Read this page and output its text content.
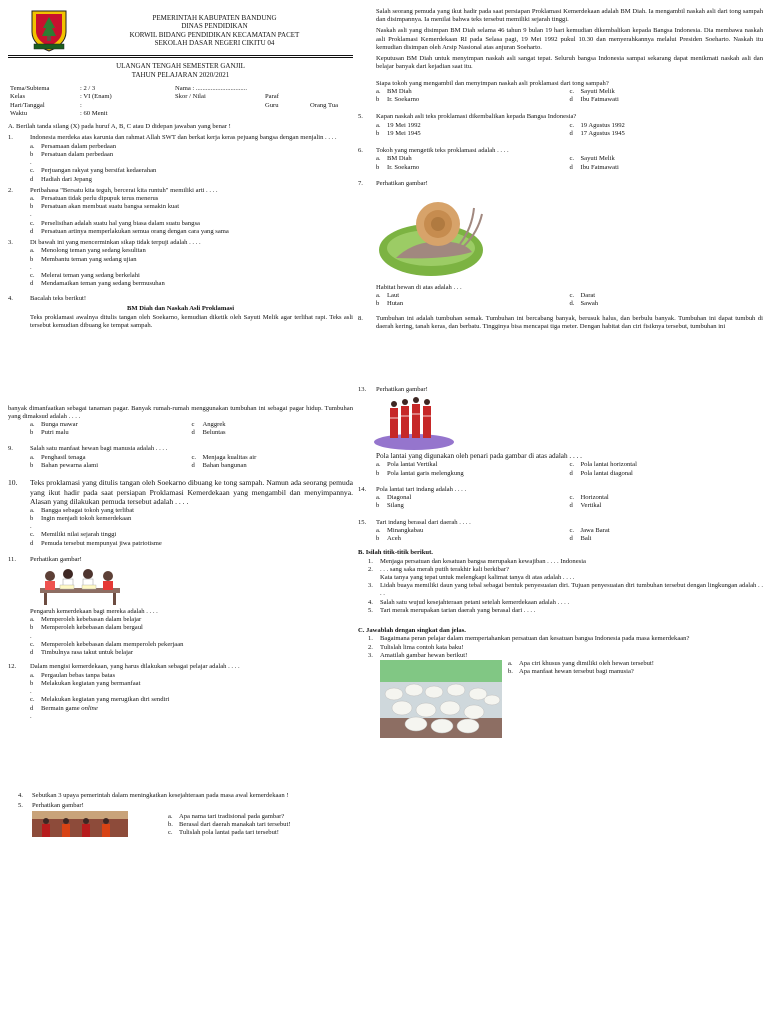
PEMERINTAH KABUPATEN BANDUNG
DINAS PENDIDIKAN
KORWIL BIDANG PENDIDIKAN KECAMATAN PACET
SEKOLAH DASAR NEGERI CIKITU 04
ULANGAN TENGAH SEMESTER GANJIL
TAHUN PELAJARAN 2020/2021
Tema/Subtema	: 2 / 3	Nama : ...............................		
Kelas	: VI (Enam)	Skor / Nilai	Paraf	
Hari/Tanggal	:		Guru	Orang Tua
Waktu	: 60 Menit			
A. Berilah tanda silang (X) pada huruf A, B, C atau D didepan jawaban yang benar !
1.	Indonesia merdeka atas karunia dan rahmat Allah SWT dan berkat kerja keras pejuang bangsa dengan menjalin . . . .
a. Persamaan dalam perbedaan
b	Persatuan dalam perbedaan
.
c. Perjuangan rakyat yang bersifat kedaerahan
d	Hadiah dari Jepang
2.	Peribahasa "Bersatu kita teguh, bercerai kita runtuh" memiliki arti . . . .
a. Persatuan tidak perlu dipupuk terus menerus
b	Persatuan akan membuat suatu bangsa semakin kuat
.
c. Perselisihan adalah suatu hal yang biasa dalam suatu bangsa
d	Persatuan artinya memperlakukan semua orang dengan cara yang sama
3.	Di bawah ini yang mencerminkan sikap tidak terpuji adalah . . . .
a. Menolong teman yang sedang kesulitan
b	Membantu teman yang sedang ujian
.
c. Melerai teman yang sedang berkelahi
d	Mendamaikan teman yang sedang bermusuhan
4.	Bacalah teks berikut!
BM Diah dan Naskah Asli Proklamasi
Teks proklamasi awalnya ditulis tangan oleh Soekarno, kemudian diketik oleh Sayuti Melik agar terlihat rapi. Teks asli tersebut kemudian dibuang ke tempat sampah.
banyak dimanfaatkan sebagai tanaman pagar. Banyak rumah-rumah menggunakan tumbuhan ini sebagai pagar hidup. Tumbuhan yang dimaksud adalah . . . .
a. Bunga mawar	c	Anggrek
b	Putri malu	d	Beluntas
9.	Salah satu manfaat hewan bagi manusia adalah . . . .
a. Penghasil tenaga	c. Menjaga kualitas air
b	Bahan pewarna alami	d	Bahan bangunan
10.	Teks proklamasi yang ditulis tangan oleh Soekarno dibuang ke tong sampah. Namun ada seorang pemuda yang ikut hadir pada saat persiapan Proklamasi Kemerdekaan yang mengambil dan menyimpannya. Alasan yang dilakukan pemuda tersebut adalah . . . .
a. Bangga sebagai tokoh yang terlibat
b	Ingin menjadi tokoh kemerdekaan
.
c. Memiliki nilai sejarah tinggi
d	Pemuda tersebut mempunyai jiwa patriotisme
11.	Perhatikan gambar!
Pengaruh kemerdekaan bagi mereka adalah . . . .
a. Memperoleh kebebasan dalam belajar
b	Memperoleh kebebasan dalam bergaul
.
c. Memperoleh kebebasan dalam memperoleh pekerjaan
d	Timbulnya rasa takut untuk belajar
12.	Dalam mengisi kemerdekaan, yang harus dilakukan sebagai pelajar adalah . . . .
a. Pergaulan bebas tanpa batas
b	Melakukan kegiatan yang bermanfaat
.
c. Melakukan kegiatan yang merugikan diri sendiri
d	Bermain game
online
.
4.	Sebutkan 3 upaya pemerintah dalam meningkatkan kesejahteraan pada masa awal kemerdekaan !
5.	Perhatikan gambar!
a. Apa nama tari tradisional pada gambar?
b. Berasal dari daerah manakah tari tersebut!
c. Tulislah pola lantai pada tari tersebut!
Salah seorang pemuda yang ikut hadir pada saat persiapan Proklamasi Kemerdekaan adalah BM Diah. Ia mengambil naskah asli dari tong sampah dan disimpannya. Ia menilai bahwa teks tersebut memiliki sejarah tinggi.
Naskah asli yang disimpan BM Diah selama 46 tahun 9 bulan 19 hari kemudian dikembalikan kepada Bangsa Indonesia. Dia membawa naskah asli Proklamasi Kemerdekaan RI pada Selasa pagi, 19 Mei 1992 pukul 10.30 dan menyerahkannya melalui Presiden Soeharto. Naskah itu kemudian disimpan oleh Arsip Nasional atas anjuran Soeharto.
Keputusan BM Diah untuk menyimpan naskah asli sangat tepat. Seluruh bangsa Indonesia sampai sekarang dapat menikmati naskah asli dan belajar banyak dari kejadian saat itu.
Siapa tokoh yang mengambil dan menyimpan naskah asli proklamasi dari tong sampah?
a. BM Diah	c. Sayuti Melik
b	Ir. Soekarno	d	Ibu Fatmawati
5.	Kapan naskah asli teks proklamasi dikembalikan kepada Bangsa Indonesia?
a. 19 Mei 1992	c. 19 Agustus 1992
b	19 Mei 1945	d	17 Agustus 1945
6.	Tokoh yang mengetik teks proklamasi adalah . . . .
a. BM Diah	c. Sayuti Melik
b	Ir. Soekarno	d	Ibu Fatmawati
7.	Perhatikan gambar!
Habitat hewan di atas adalah . . .
a. Laut	c. Darat
b	Hutan	d. Sawah
8.	Tumbuhan ini adalah tumbuhan semak. Tumbuhan ini bercabang banyak, berusuk halus, dan berbulu banyak. Tumbuhan ini dapat tumbuh di daerah kering, tanah keras, dan berbatu. Tingginya bisa mencapai tiga meter. Dengan habitat dan ciri fisiknya tersebut, tumbuhan ini
13.	Perhatikan gambar!
Pola lantai yang digunakan oleh penari pada gambar di atas adalah . . . .
a. Pola lantai Vertikal	c. Pola lantai horizontal
b	Pola lantai garis melengkung	d	Pola lantai diagonal
14.	Pola lantai tari indang adalah . . . .
a. Diagonal	c. Horizontal
b	Silang	d	Vertikal
15.	Tari indang berasal dari daerah . . . .
a. Minangkabau	c. Jawa Barat
b	Aceh	d	Bali
B. Isilah titik-titik berikut.
1.	Menjaga persatuan dan kesatuan bangsa merupakan kewajiban . . . . Indonesia
2.	. . . sang saka merah putih terakhir kali berkibar?
Kata tanya yang tepat untuk melengkapi kalimat tanya di atas adalah . . . .
3.	Lidah buaya memiliki daun yang tebal sebagai bentuk penyesuaian diri. Tujuan penyesuaian diri tumbuhan tersebut dengan lingkungan adalah . . . .
4.	Salah satu wujud kesejahteraan petani setelah kemerdekaan adalah . . . .
5.	Tari merak merupakan tarian daerah yang berasal dari . . . .
C. Jawablah dengan singkat dan jelas.
1.	Bagaimana peran pelajar dalam mempertahankan persatuan dan kesatuan bangsa Indonesia pada masa kemerdekaan?
2.	Tulislah lima contoh kata baku!
3.	Amatilah gambar hewan berikut!
a. Apa ciri khusus yang dimiliki oleh hewan tersebut!
b. Apa manfaat hewan tersebut bagi manusia?
